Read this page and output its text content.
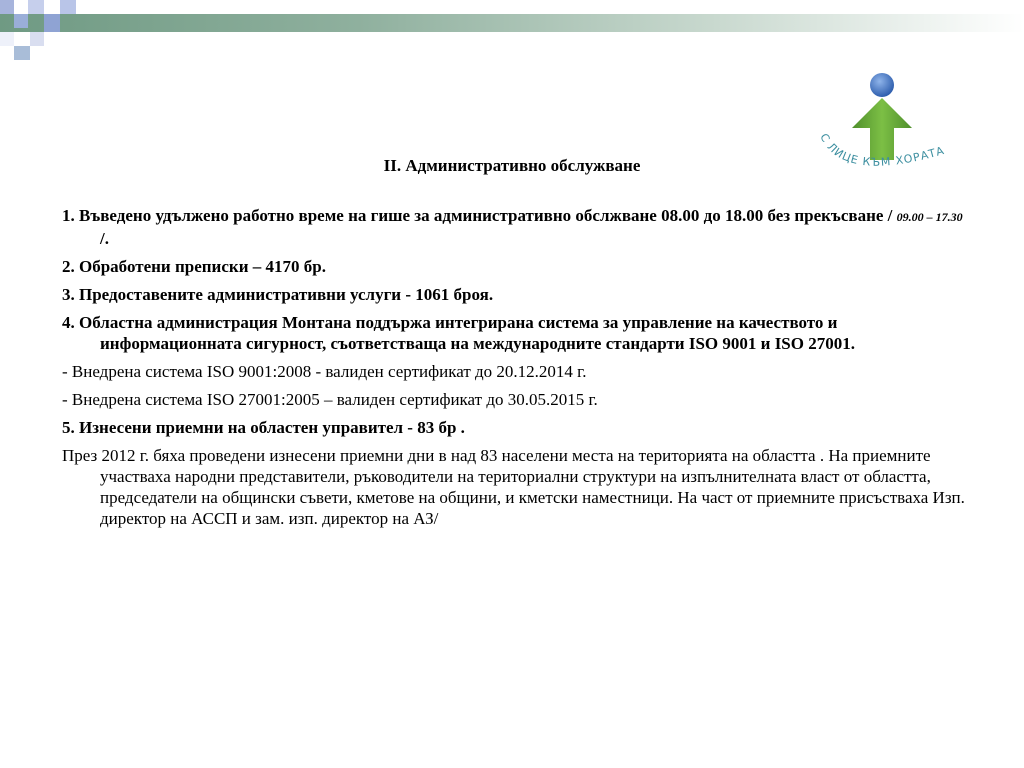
С ЛИЦЕ КЪМ ХОРАТА
ІІ. Административно обслужване
1. Въведено удължено работно време на гише за административно обслжване 08.00 до 18.00 без прекъсване / 09.00 – 17.30 /.
2. Обработени преписки – 4170 бр.
3. Предоставените административни услуги - 1061 броя.
4. Областна администрация Монтана поддържа интегрирана система за управление на качеството и информационната сигурност, съответстваща на международните стандарти ISO 9001 и ISO 27001.
- Внедрена система ISO 9001:2008 - валиден сертификат до 20.12.2014 г.
- Внедрена система ISO 27001:2005 – валиден сертификат до 30.05.2015 г.
5. Изнесени приемни на областен управител - 83 бр .
През 2012 г. бяха проведени изнесени приемни дни в над 83 населени места на територията на областта . На приемните участваха народни представители, ръководители на териториални структури на изпълнителната власт от областта, председатели на общински съвети, кметове на общини, и кметски наместници. На част от приемните присъстваха Изп. директор на АССП и зам. изп. директор на АЗ/
